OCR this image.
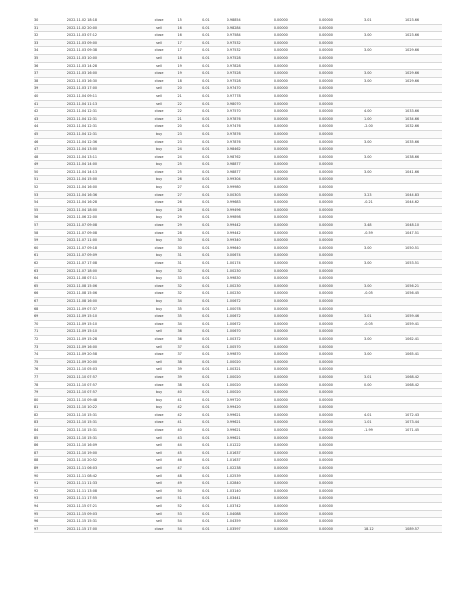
30	2022.11.02 18:18	close	15	0.01	0.98854	0.00000	0.00000	3.01	1023.66
31	2022.11.02 20:00	sell	16	0.01	0.98284	0.00000	0.00000		
32	2022.11.03 07:12	close	16	0.01	0.97584	0.00000	0.00000	3.00	1023.66
33	2022.11.03 09:00	sell	17	0.01	0.97532	0.00000	0.00000		
34	2022.11.03 09:38	close	17	0.01	0.97532	0.00000	0.00000	3.00	1029.66
35	2022.11.03 10:00	sell	18	0.01	0.97528	0.00000	0.00000		
36	2022.11.03 14:28	sell	19	0.01	0.97828	0.00000	0.00000		
37	2022.11.03 16:00	close	19	0.01	0.97528	0.00000	0.00000	3.00	1029.66
38	2022.11.03 16:30	close	18	0.01	0.97528	0.00000	0.00000	3.00	1029.66
39	2022.11.03 17:00	sell	20	0.01	0.97470	0.00000	0.00000		
40	2022.11.04 09:11	sell	21	0.01	0.97778	0.00000	0.00000		
41	2022.11.04 11:13	sell	22	0.01	0.98070	0.00000	0.00000		
42	2022.11.04 12:31	close	22	0.01	0.97570	0.00000	0.00000	4.00	1033.66
43	2022.11.04 12:31	close	21	0.01	0.97876	0.00000	0.00000	1.00	1034.66
44	2022.11.04 12:31	close	20	0.01	0.97476	0.00000	0.00000	-2.00	1032.66
45	2022.11.04 12:31	buy	23	0.01	0.97876	0.00000	0.00000		
46	2022.11.04 12:36	close	23	0.01	0.97876	0.00000	0.00000	3.00	1035.66
47	2022.11.04 13:00	buy	24	0.01	0.98462	0.00000	0.00000		
48	2022.11.04 13:11	close	24	0.01	0.98762	0.00000	0.00000	3.00	1038.66
49	2022.11.04 14:00	buy	25	0.01	0.98877	0.00000	0.00000		
50	2022.11.04 14:13	close	25	0.01	0.98877	0.00000	0.00000	3.00	1041.66
51	2022.11.04 15:00	buy	26	0.01	0.99304	0.00000	0.00000		
52	2022.11.04 16:00	buy	27	0.01	0.99980	0.00000	0.00000		
53	2022.11.04 16:36	close	27	0.01	0.00303	0.00000	0.00000	3.23	1044.83
54	2022.11.04 16:28	close	26	0.01	0.99683	0.00000	0.00000	-0.21	1044.62
55	2022.11.04 18:00	buy	28	0.01	0.99496	0.00000	0.00000		
56	2022.11.06 22:00	buy	29	0.01	0.99898	0.00000	0.00000		
57	2022.11.07 09:08	close	29	0.01	0.99442	0.00000	0.00000	3.48	1048.10
58	2022.11.07 09:08	close	28	0.01	0.99442	0.00000	0.00000	-0.59	1047.51
59	2022.11.07 11:00	buy	30	0.01	0.99340	0.00000	0.00000		
60	2022.11.07 09:18	close	30	0.01	0.99640	0.00000	0.00000	3.00	1050.51
61	2022.11.07 09:09	buy	31	0.01	0.00674	0.00000	0.00000		
62	2022.11.07 17:08	close	31	0.01	1.00174	0.00000	0.00000	3.00	1053.51
63	2022.11.07 18:00	buy	32	0.01	1.00230	0.00000	0.00000		
64	2022.11.08 07:11	buy	33	0.01	0.99830	0.00000	0.00000		
65	2022.11.08 15:06	close	32	0.01	1.00230	0.00000	0.00000	3.00	1056.21
66	2022.11.08 15:06	close	32	0.01	1.00230	0.00000	0.00000	-0.05	1056.45
67	2022.11.08 16:00	buy	34	0.01	1.00672	0.00000	0.00000		
68	2022.11.09 07:37	buy	35	0.01	1.00078	0.00000	0.00000		
69	2022.11.09 15:10	close	35	0.01	1.00672	0.00000	0.00000	3.01	1059.46
70	2022.11.09 15:10	close	34	0.01	1.00672	0.00000	0.00000	-0.05	1059.41
71	2022.11.09 15:10	sell	36	0.01	1.00670	0.00000	0.00000		
72	2022.11.09 15:28	close	36	0.01	1.00372	0.00000	0.00000	3.00	1062.41
73	2022.11.09 16:00	sell	37	0.01	1.00570	0.00000	0.00000		
74	2022.11.09 20:58	close	37	0.01	0.99870	0.00000	0.00000	3.00	1065.41
75	2022.11.09 20:00	sell	38	0.01	1.00020	0.00000	0.00000		
76	2022.11.10 05:03	sell	39	0.01	1.00321	0.00000	0.00000		
77	2022.11.10 07:57	close	39	0.01	1.00020	0.00000	0.00000	3.01	1068.42
78	2022.11.10 07:57	close	38	0.01	1.00020	0.00000	0.00000	0.00	1068.42
79	2022.11.10 07:57	buy	40	0.01	1.00020	0.00000	0.00000		
80	2022.11.10 09:48	buy	41	0.01	0.99720	0.00000	0.00000		
81	2022.11.10 10:22	buy	42	0.01	0.99420	0.00000	0.00000		
82	2022.11.10 15:31	close	42	0.01	0.99621	0.00000	0.00000	4.01	1072.43
83	2022.11.10 15:31	close	41	0.01	0.99621	0.00000	0.00000	1.01	1073.44
84	2022.11.10 15:31	close	40	0.01	0.99621	0.00000	0.00000	-1.99	1071.45
85	2022.11.10 15:31	sell	43	0.01	0.99621	0.00000	0.00000		
86	2022.11.10 16:09	sell	44	0.01	1.01222	0.00000	0.00000		
87	2022.11.10 19:00	sell	45	0.01	1.01637	0.00000	0.00000		
88	2022.11.10 20:52	sell	46	0.01	1.01637	0.00000	0.00000		
89	2022.11.11 06:03	sell	47	0.01	1.02238	0.00000	0.00000		
90	2022.11.11 08:42	sell	48	0.01	1.02539	0.00000	0.00000		
91	2022.11.11 11:33	sell	49	0.01	1.02840	0.00000	0.00000		
92	2022.11.11 13:08	sell	50	0.01	1.03140	0.00000	0.00000		
93	2022.11.11 17:55	sell	51	0.01	1.03441	0.00000	0.00000		
94	2022.11.15 07:21	sell	52	0.01	1.03742	0.00000	0.00000		
95	2022.11.15 09:03	sell	53	0.01	1.04088	0.00000	0.00000		
96	2022.11.15 15:31	sell	54	0.01	1.04359	0.00000	0.00000		
97	2022.11.15 17:00	close	54	0.01	1.03597	0.00000	0.00000	18.12	1089.57
